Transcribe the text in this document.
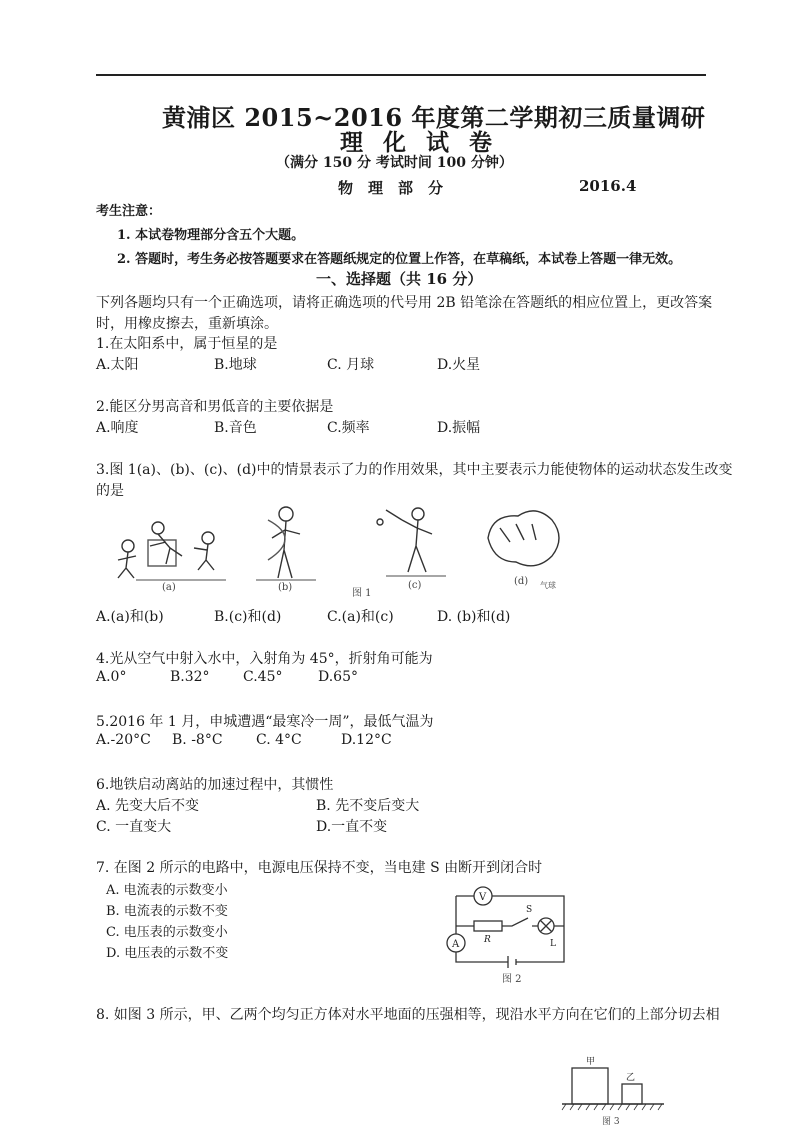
黄浦区 2015~2016 年度第二学期初三质量调研
理 化 试 卷
（满分 150 分 考试时间 100 分钟）
物　理　部　分	2016.4
考生注意：
1. 本试卷物理部分含五个大题。
2. 答题时，考生务必按答题要求在答题纸规定的位置上作答，在草稿纸，本试卷上答题一律无效。
一、选择题（共 16 分）
下列各题均只有一个正确选项，请将正确选项的代号用 2B 铅笔涂在答题纸的相应位置上，更改答案
时，用橡皮擦去，重新填涂。
1.在太阳系中，属于恒星的是
A.太阳	B.地球	C. 月球	D.火星
2.能区分男高音和男低音的主要依据是
A.响度	B.音色	C.频率	D.振幅
3.图 1(a)、(b)、(c)、(d)中的情景表示了力的作用效果，其中主要表示力能使物体的运动状态发生改变
的是
(a)	(b)	(c)	(d) 气球
图 1
A.(a)和(b)	B.(c)和(d)	C.(a)和(c)	D. (b)和(d)
4.光从空气中射入水中，入射角为 45°，折射角可能为
A.0°	B.32° C.45°	D.65°
5.2016 年 1 月，申城遭遇“最寒冷一周”，最低气温为
A.-20°C B. -8°C C. 4°C	D.12°C
6.地铁启动离站的加速过程中，其惯性
A. 先变大后不变	B. 先不变后变大
C. 一直变大	D.一直不变
7. 在图 2 所示的电路中，电源电压保持不变，当电建 S 由断开到闭合时
A. 电流表的示数变小
B. 电流表的示数不变
C. 电压表的示数变小
D. 电压表的示数不变
V
A	R
S
L
图 2
8. 如图 3 所示，甲、乙两个均匀正方体对水平地面的压强相等，现沿水平方向在它们的上部分切去相
甲
乙
图 3
